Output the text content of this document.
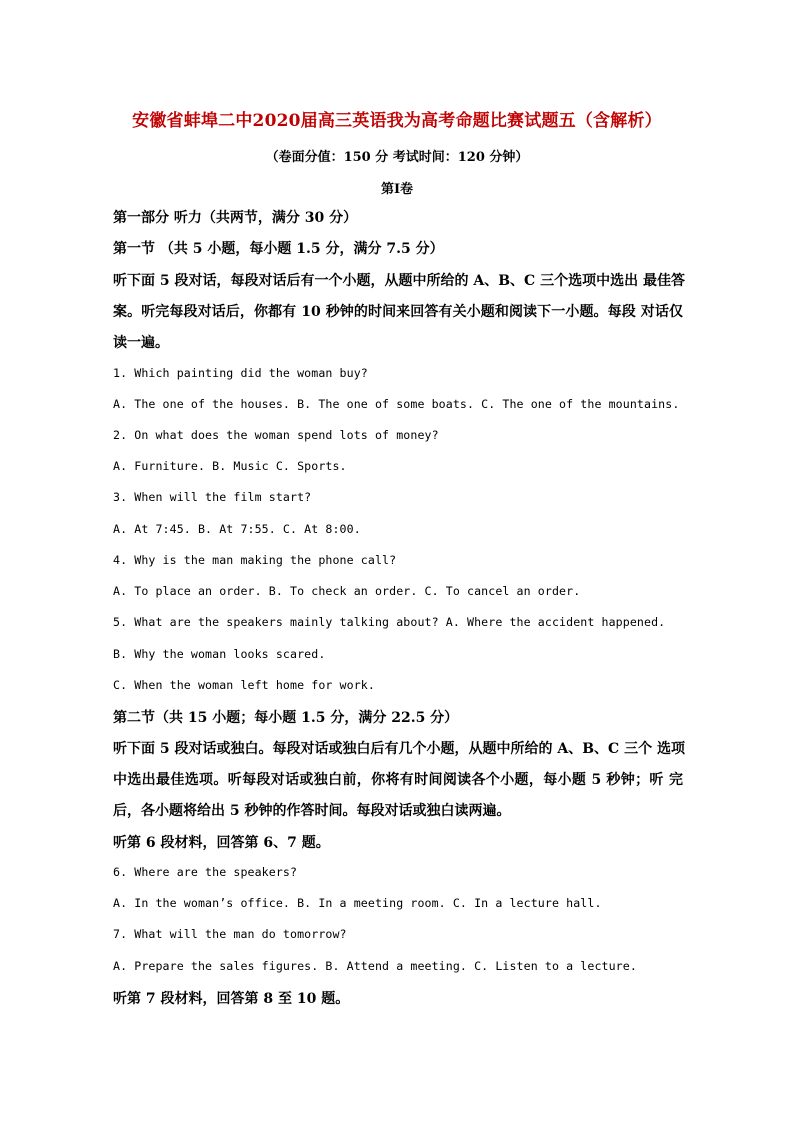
安徽省蚌埠二中2020届高三英语我为高考命题比赛试题五（含解析）
（卷面分值：150 分 考试时间：120 分钟）
第Ⅰ卷
第一部分 听力（共两节，满分 30 分）
第一节 （共 5 小题，每小题 1.5 分，满分 7.5 分）
听下面 5 段对话，每段对话后有一个小题，从题中所给的 A、B、C 三个选项中选出 最佳答
案。听完每段对话后，你都有 10 秒钟的时间来回答有关小题和阅读下一小题。每段 对话仅
读一遍。
1. Which painting did the woman buy?
A. The one of the houses. B. The one of some boats. C. The one of the mountains.
2. On what does the woman spend lots of money?
A. Furniture. B. Music C. Sports.
3. When will the film start?
A. At 7:45. B. At 7:55. C. At 8:00.
4. Why is the man making the phone call?
A. To place an order. B. To check an order. C. To cancel an order.
5. What are the speakers mainly talking about? A. Where the accident happened.
B. Why the woman looks scared.
C. When the woman left home for work.
第二节（共 15 小题；每小题 1.5 分，满分 22.5 分）
听下面 5 段对话或独白。每段对话或独白后有几个小题，从题中所给的 A、B、C 三个 选项
中选出最佳选项。听每段对话或独白前，你将有时间阅读各个小题，每小题 5 秒钟；听 完
后，各小题将给出 5 秒钟的作答时间。每段对话或独白读两遍。
听第 6 段材料，回答第 6、7 题。
6. Where are the speakers?
A. In the woman’s office. B. In a meeting room. C. In a lecture hall.
7. What will the man do tomorrow?
A. Prepare the sales figures. B. Attend a meeting. C. Listen to a lecture.
听第 7 段材料，回答第 8 至 10 题。
